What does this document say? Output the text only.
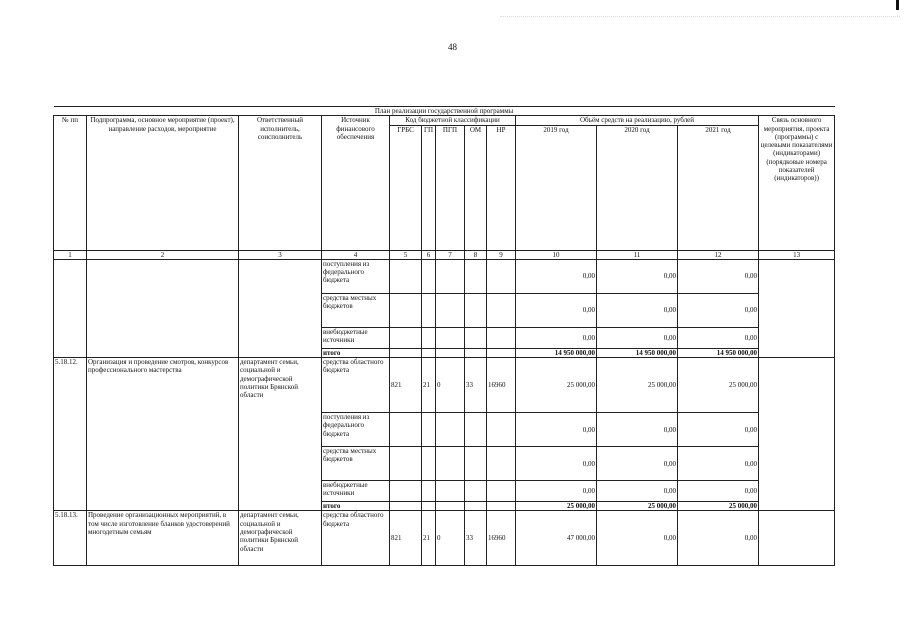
48
План реализации государственной программы												
№ пп	Подпрограмма, основное мероприятие (проект), направление расходов, мероприятие	Ответственный исполнитель, соисполнитель	Источник финансового обеспечения	Код бюджетной классификации					Объём средств на реализацию, рублей			Связь основного мероприятия, проекта (программы) с целевыми показателями (индикаторами) (порядковые номера показателей (индикаторов))
				ГРБС	ГП	ПГП	ОМ	НР	2019 год	2020 год	2021 год	
1	2	3	4	5	6	7	8	9	10	11	12	13
			поступления из федерального бюджета						0,00	0,00	0,00	
			средства местных бюджетов						0,00	0,00	0,00	
			внебюджетные источники						0,00	0,00	0,00	
			итого						14 950 000,00	14 950 000,00	14 950 000,00	
5.18.12.	Организация и проведение смотров, конкурсов профессионального мастерства	департамент семьи, социальной и демографической политики Брянской области	средства областного бюджета	821	21	0	33	16960	25 000,00	25 000,00	25 000,00	
			поступления из федерального бюджета						0,00	0,00	0,00	
			средства местных бюджетов						0,00	0,00	0,00	
			внебюджетные источники						0,00	0,00	0,00	
			итого						25 000,00	25 000,00	25 000,00	
5.18.13.	Проведение организационных мероприятий, в том числе изготовление бланков удостоверений многодетным семьям	департамент семьи, социальной и демографической политики Брянской области	средства областного бюджета	821	21	0	33	16960	47 000,00	0,00	0,00	
